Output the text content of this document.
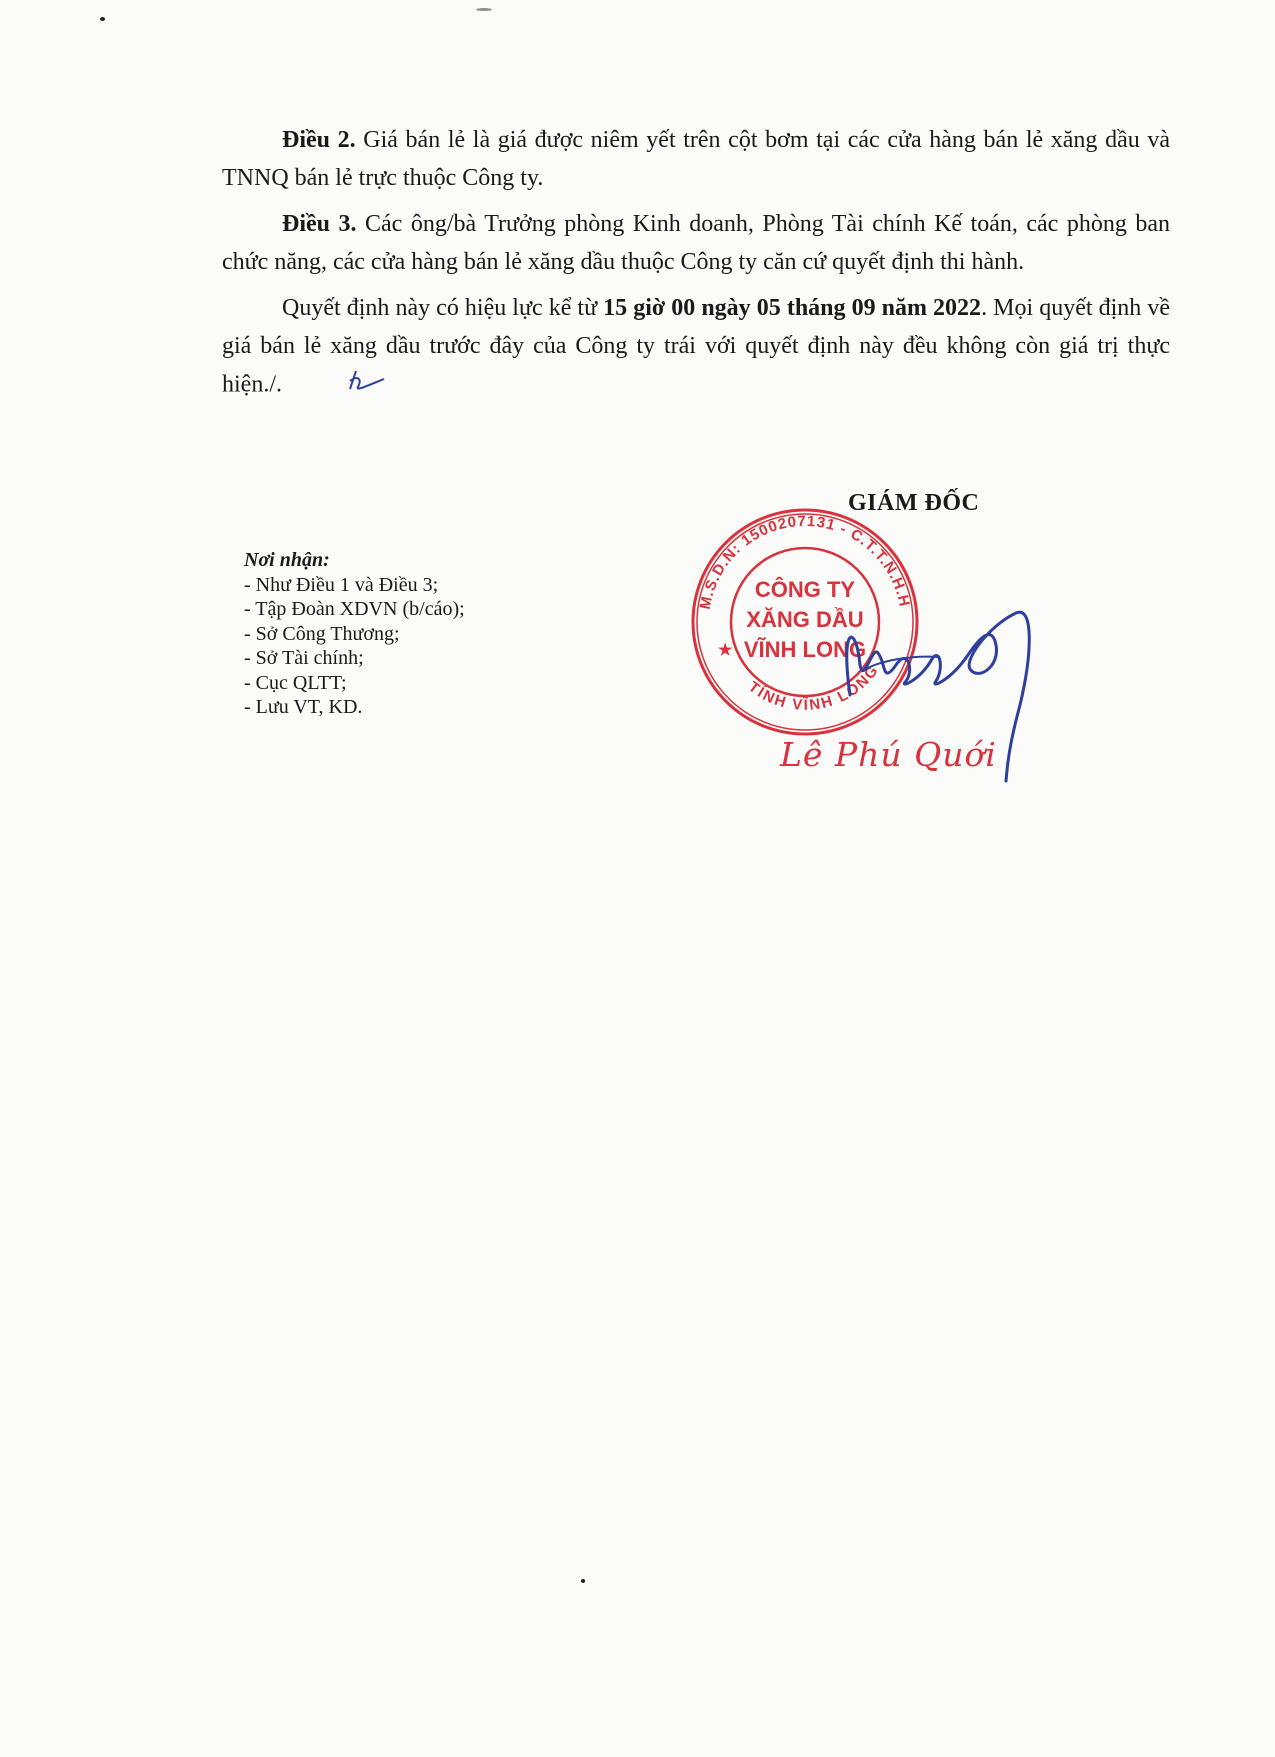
Điều 2. Giá bán lẻ là giá được niêm yết trên cột bơm tại các cửa hàng bán lẻ xăng dầu và TNNQ bán lẻ trực thuộc Công ty.

Điều 3. Các ông/bà Trưởng phòng Kinh doanh, Phòng Tài chính Kế toán, các phòng ban chức năng, các cửa hàng bán lẻ xăng dầu thuộc Công ty căn cứ quyết định thi hành.

Quyết định này có hiệu lực kể từ 15 giờ 00 ngày 05 tháng 09 năm 2022. Mọi quyết định về giá bán lẻ xăng dầu trước đây của Công ty trái với quyết định này đều không còn giá trị thực hiện./.

GIÁM ĐỐC
Nơi nhận:
- Như Điều 1 và Điều 3;
- Tập Đoàn XDVN (b/cáo);
- Sở Công Thương;
- Sở Tài chính;
- Cục QLTT;
- Lưu VT, KD.
M.S.D.N: 1500207131 - C.T.T.N.H.H
TỈNH VĨNH LONG
CÔNG TY
XĂNG DẦU
VĨNH LONG
★
Lê Phú Quới
